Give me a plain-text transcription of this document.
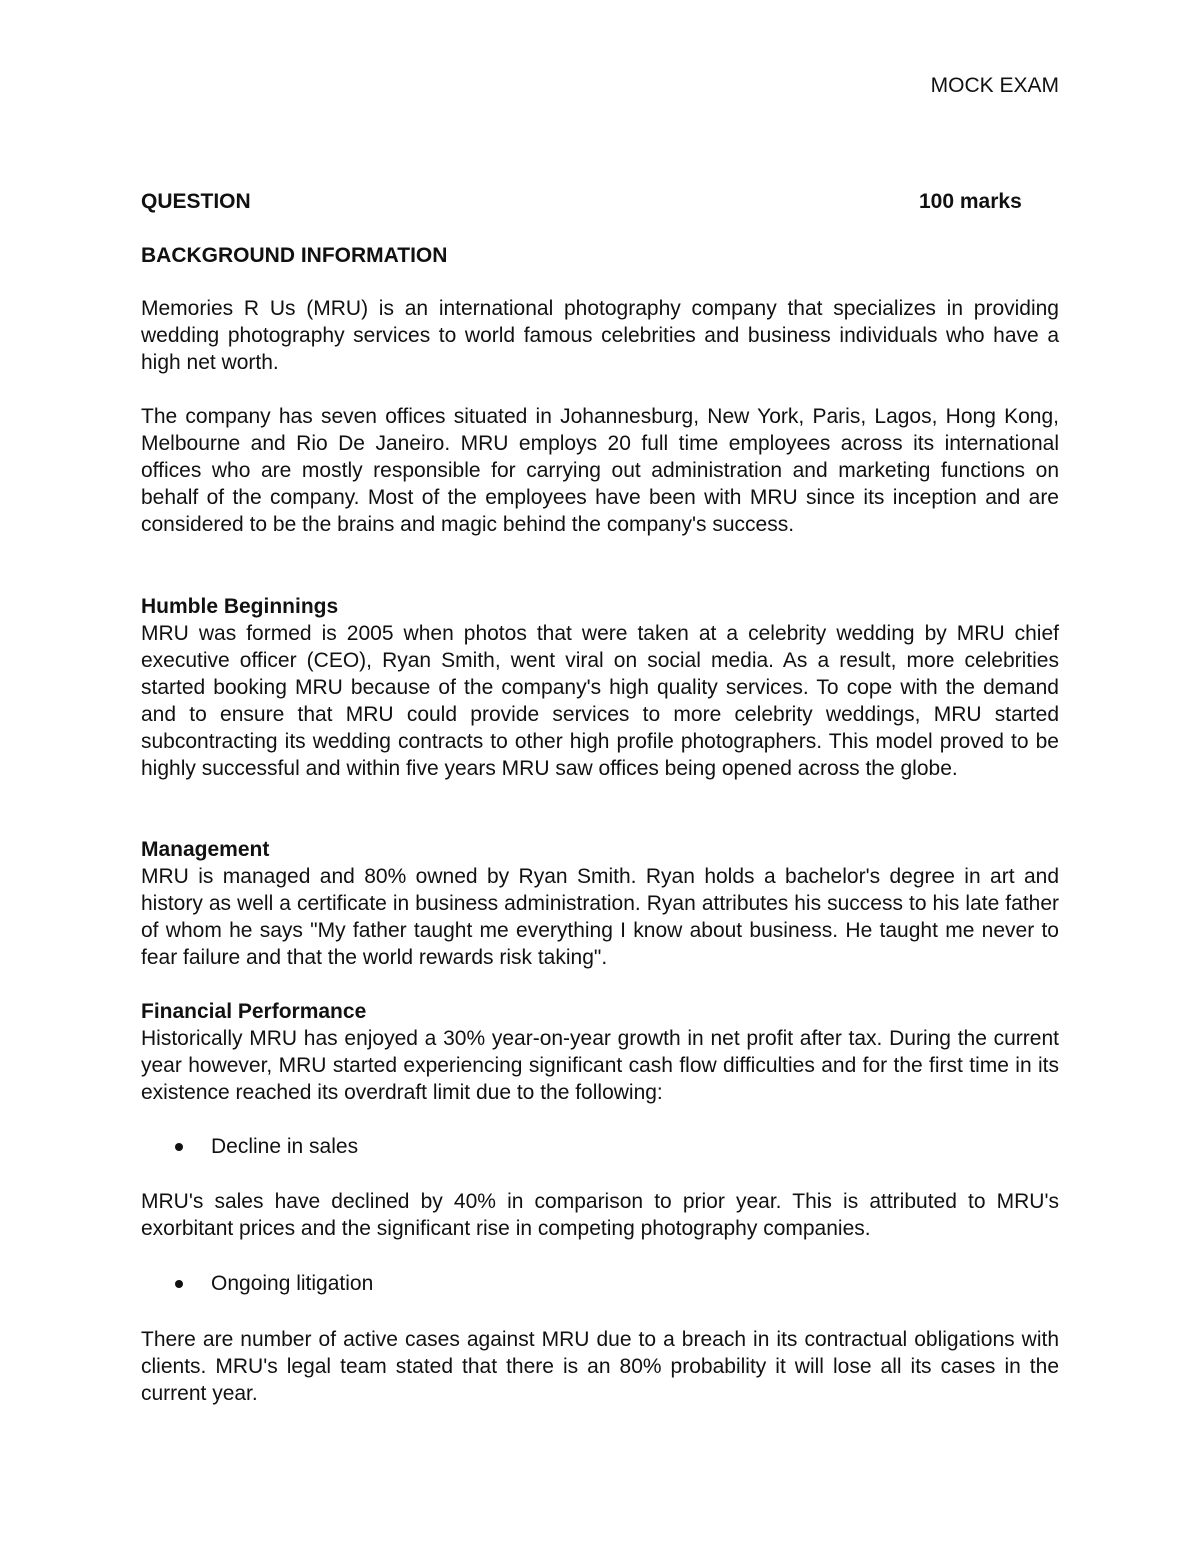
MOCK EXAM

QUESTION	100 marks

BACKGROUND INFORMATION

Memories R Us (MRU) is an international photography company that specializes in providing wedding photography services to world famous celebrities and business individuals who have a high net worth.

The company has seven offices situated in Johannesburg, New York, Paris, Lagos, Hong Kong, Melbourne and Rio De Janeiro. MRU employs 20 full time employees across its international offices who are mostly responsible for carrying out administration and marketing functions on behalf of the company. Most of the employees have been with MRU since its inception and are considered to be the brains and magic behind the company's success.

Humble Beginnings

MRU was formed is 2005 when photos that were taken at a celebrity wedding by MRU chief executive officer (CEO), Ryan Smith, went viral on social media. As a result, more celebrities started booking MRU because of the company's high quality services. To cope with the demand and to ensure that MRU could provide services to more celebrity weddings, MRU started subcontracting its wedding contracts to other high profile photographers. This model proved to be highly successful and within five years MRU saw offices being opened across the globe.

Management

MRU is managed and 80% owned by Ryan Smith. Ryan holds a bachelor's degree in art and history as well a certificate in business administration. Ryan attributes his success to his late father of whom he says "My father taught me everything I know about business. He taught me never to fear failure and that the world rewards risk taking".

Financial Performance

Historically MRU has enjoyed a 30% year-on-year growth in net profit after tax. During the current year however, MRU started experiencing significant cash flow difficulties and for the first time in its existence reached its overdraft limit due to the following:

Decline in sales

MRU's sales have declined by 40% in comparison to prior year. This is attributed to MRU's exorbitant prices and the significant rise in competing photography companies.

Ongoing litigation

There are number of active cases against MRU due to a breach in its contractual obligations with clients. MRU's legal team stated that there is an 80% probability it will lose all its cases in the current year.
